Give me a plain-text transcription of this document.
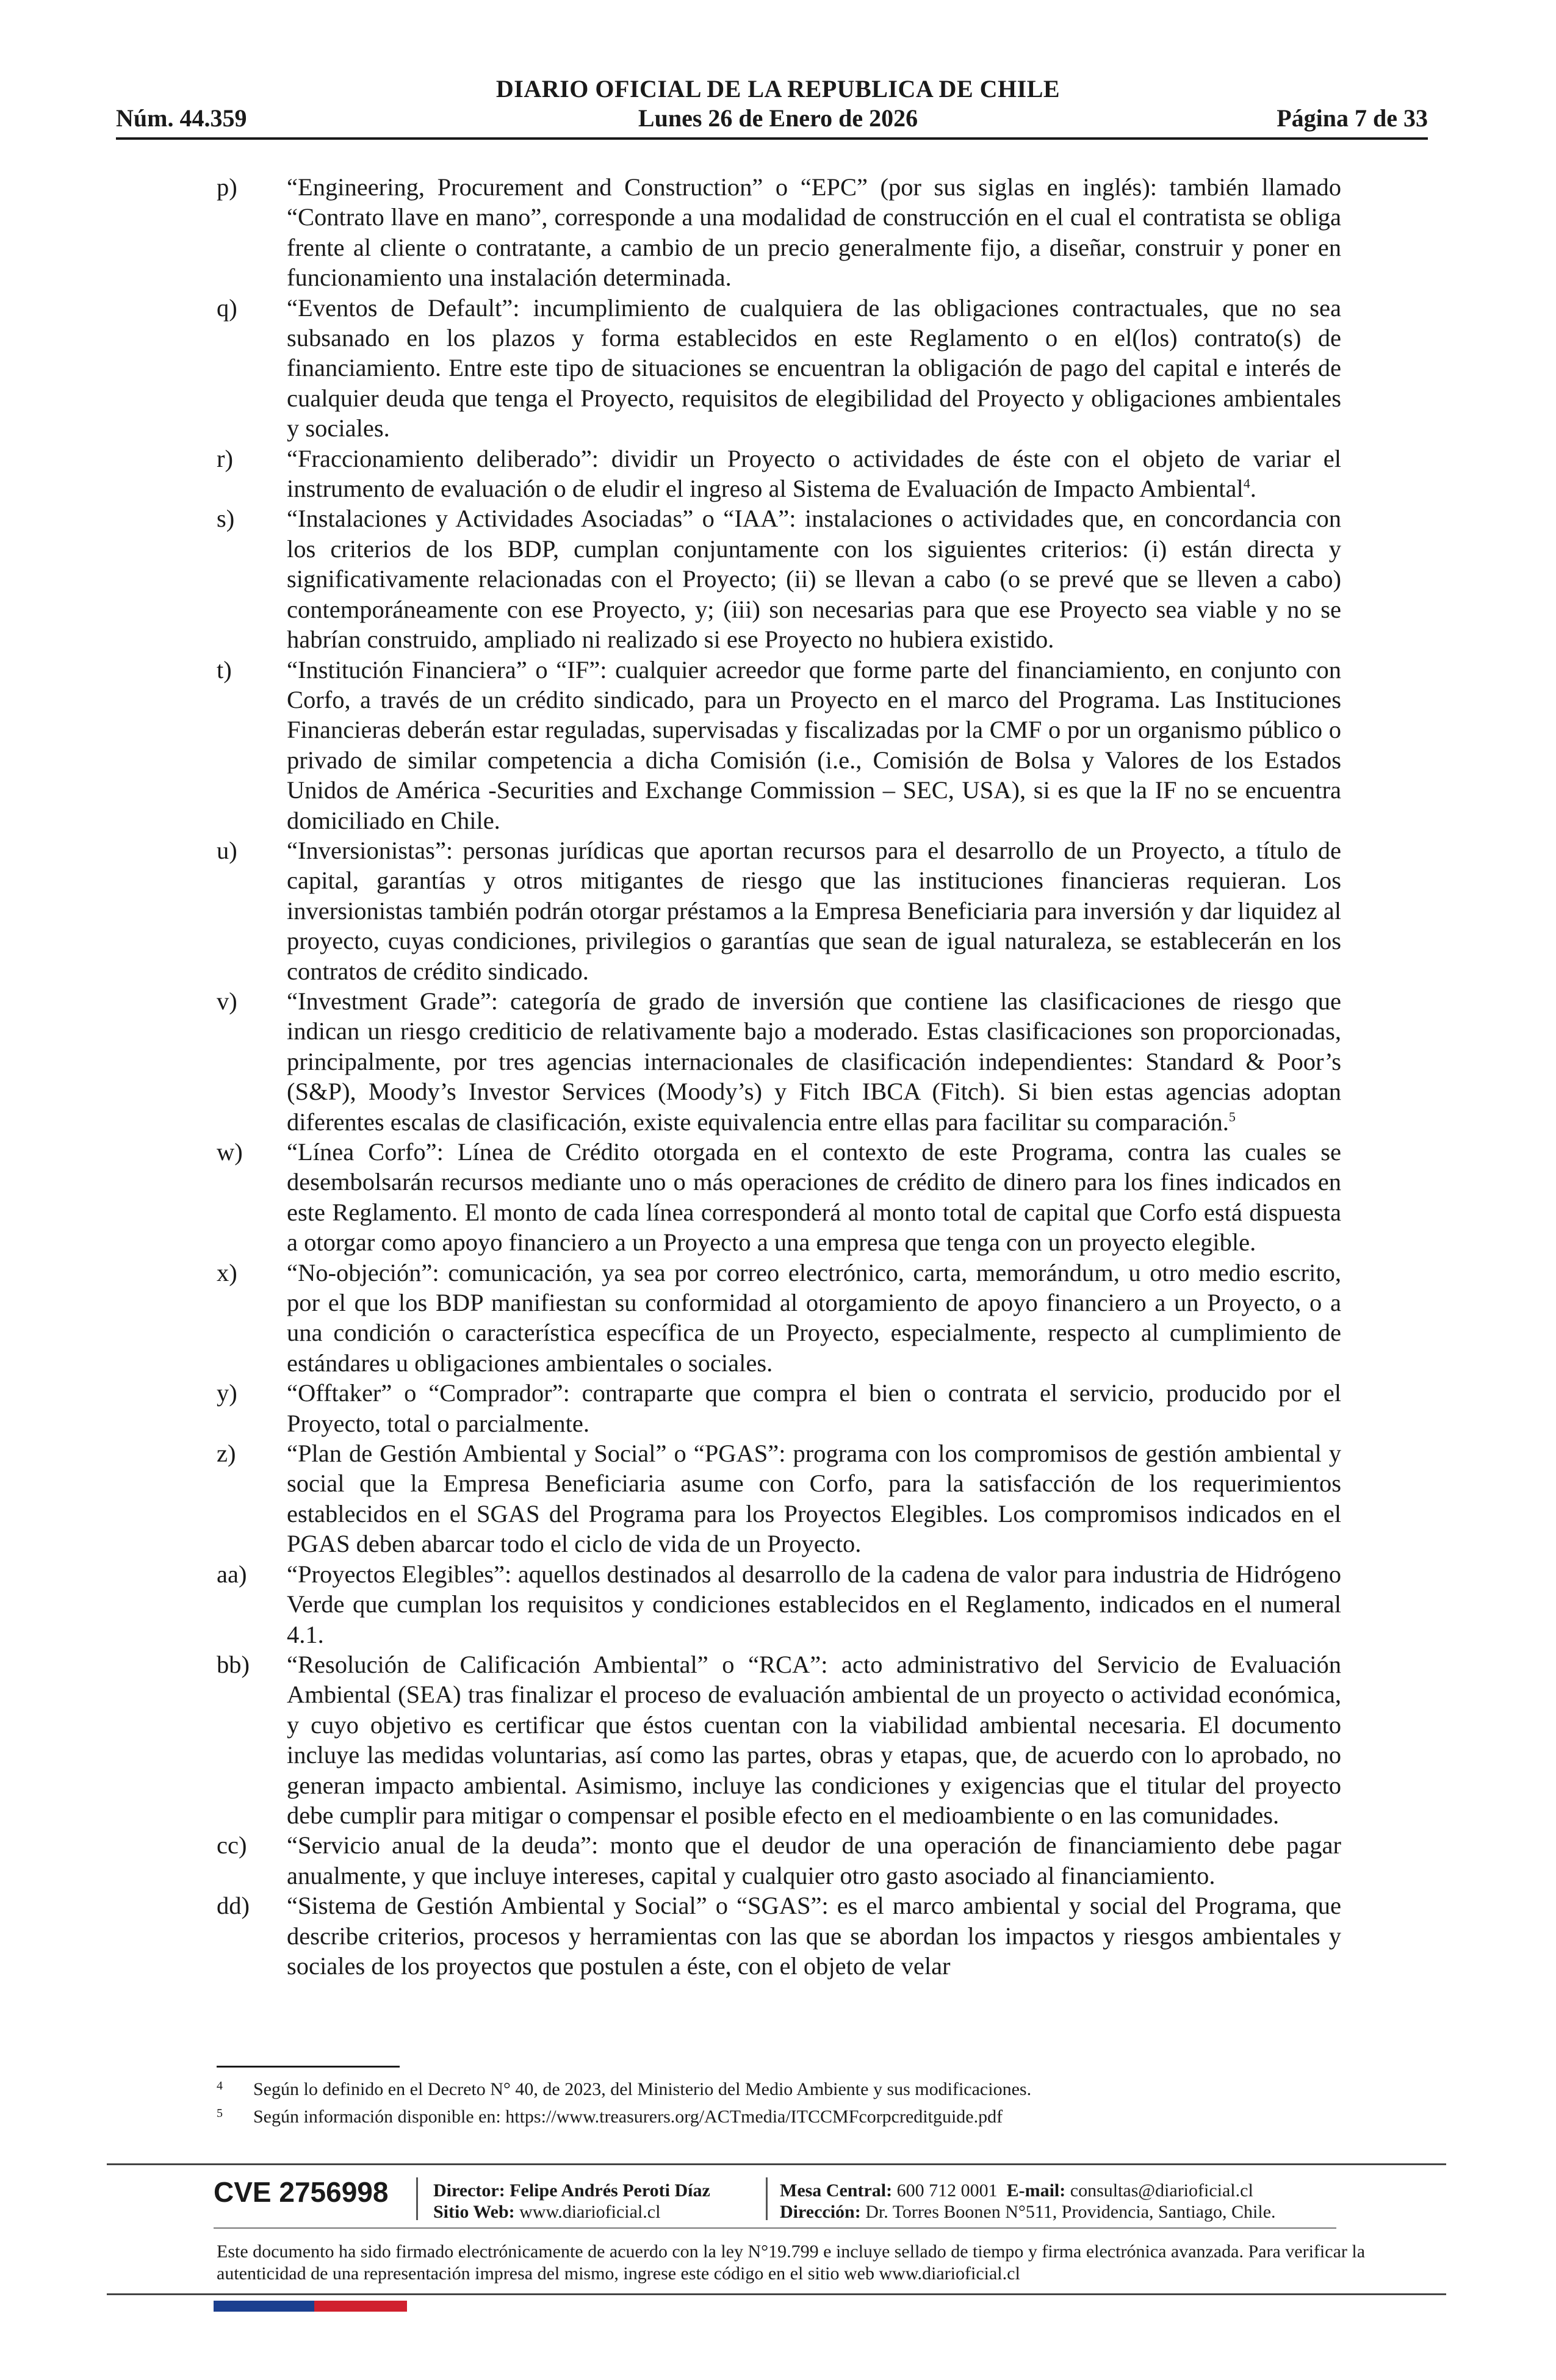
DIARIO OFICIAL DE LA REPUBLICA DE CHILE
Núm. 44.359	Lunes 26 de Enero de 2026	Página 7 de 33
p) “Engineering, Procurement and Construction” o “EPC” (por sus siglas en inglés): también llamado “Contrato llave en mano”, corresponde a una modalidad de construcción en el cual el contratista se obliga frente al cliente o contratante, a cambio de un precio generalmente fijo, a diseñar, construir y poner en funcionamiento una instalación determinada.
q) “Eventos de Default”: incumplimiento de cualquiera de las obligaciones contractuales, que no sea subsanado en los plazos y forma establecidos en este Reglamento o en el(los) contrato(s) de financiamiento. Entre este tipo de situaciones se encuentran la obligación de pago del capital e interés de cualquier deuda que tenga el Proyecto, requisitos de elegibilidad del Proyecto y obligaciones ambientales y sociales.
r) “Fraccionamiento deliberado”: dividir un Proyecto o actividades de éste con el objeto de variar el instrumento de evaluación o de eludir el ingreso al Sistema de Evaluación de Impacto Ambiental$^4$.
s) “Instalaciones y Actividades Asociadas” o “IAA”: instalaciones o actividades que, en concordancia con los criterios de los BDP, cumplan conjuntamente con los siguientes criterios: (i) están directa y significativamente relacionadas con el Proyecto; (ii) se llevan a cabo (o se prevé que se lleven a cabo) contemporáneamente con ese Proyecto, y; (iii) son necesarias para que ese Proyecto sea viable y no se habrían construido, ampliado ni realizado si ese Proyecto no hubiera existido.
t) “Institución Financiera” o “IF”: cualquier acreedor que forme parte del financiamiento, en conjunto con Corfo, a través de un crédito sindicado, para un Proyecto en el marco del Programa. Las Instituciones Financieras deberán estar reguladas, supervisadas y fiscalizadas por la CMF o por un organismo público o privado de similar competencia a dicha Comisión (i.e., Comisión de Bolsa y Valores de los Estados Unidos de América -Securities and Exchange Commission – SEC, USA), si es que la IF no se encuentra domiciliado en Chile.
u) “Inversionistas”: personas jurídicas que aportan recursos para el desarrollo de un Proyecto, a título de capital, garantías y otros mitigantes de riesgo que las instituciones financieras requieran. Los inversionistas también podrán otorgar préstamos a la Empresa Beneficiaria para inversión y dar liquidez al proyecto, cuyas condiciones, privilegios o garantías que sean de igual naturaleza, se establecerán en los contratos de crédito sindicado.
v) “Investment Grade”: categoría de grado de inversión que contiene las clasificaciones de riesgo que indican un riesgo crediticio de relativamente bajo a moderado. Estas clasificaciones son proporcionadas, principalmente, por tres agencias internacionales de clasificación independientes: Standard & Poor’s (S&P), Moody’s Investor Services (Moody’s) y Fitch IBCA (Fitch). Si bien estas agencias adoptan diferentes escalas de clasificación, existe equivalencia entre ellas para facilitar su comparación.$^5$
w) “Línea Corfo”: Línea de Crédito otorgada en el contexto de este Programa, contra las cuales se desembolsarán recursos mediante uno o más operaciones de crédito de dinero para los fines indicados en este Reglamento. El monto de cada línea corresponderá al monto total de capital que Corfo está dispuesta a otorgar como apoyo financiero a un Proyecto a una empresa que tenga con un proyecto elegible.
x) “No-objeción”: comunicación, ya sea por correo electrónico, carta, memorándum, u otro medio escrito, por el que los BDP manifiestan su conformidad al otorgamiento de apoyo financiero a un Proyecto, o a una condición o característica específica de un Proyecto, especialmente, respecto al cumplimiento de estándares u obligaciones ambientales o sociales.
y) “Offtaker” o “Comprador”: contraparte que compra el bien o contrata el servicio, producido por el Proyecto, total o parcialmente.
z) “Plan de Gestión Ambiental y Social” o “PGAS”: programa con los compromisos de gestión ambiental y social que la Empresa Beneficiaria asume con Corfo, para la satisfacción de los requerimientos establecidos en el SGAS del Programa para los Proyectos Elegibles. Los compromisos indicados en el PGAS deben abarcar todo el ciclo de vida de un Proyecto.
aa) “Proyectos Elegibles”: aquellos destinados al desarrollo de la cadena de valor para industria de Hidrógeno Verde que cumplan los requisitos y condiciones establecidos en el Reglamento, indicados en el numeral 4.1.
bb) “Resolución de Calificación Ambiental” o “RCA”: acto administrativo del Servicio de Evaluación Ambiental (SEA) tras finalizar el proceso de evaluación ambiental de un proyecto o actividad económica, y cuyo objetivo es certificar que éstos cuentan con la viabilidad ambiental necesaria. El documento incluye las medidas voluntarias, así como las partes, obras y etapas, que, de acuerdo con lo aprobado, no generan impacto ambiental. Asimismo, incluye las condiciones y exigencias que el titular del proyecto debe cumplir para mitigar o compensar el posible efecto en el medioambiente o en las comunidades.
cc) “Servicio anual de la deuda”: monto que el deudor de una operación de financiamiento debe pagar anualmente, y que incluye intereses, capital y cualquier otro gasto asociado al financiamiento.
dd) “Sistema de Gestión Ambiental y Social” o “SGAS”: es el marco ambiental y social del Programa, que describe criterios, procesos y herramientas con las que se abordan los impactos y riesgos ambientales y sociales de los proyectos que postulen a éste, con el objeto de velar
4 Según lo definido en el Decreto N° 40, de 2023, del Ministerio del Medio Ambiente y sus modificaciones.
5 Según información disponible en: https://www.treasurers.org/ACTmedia/ITCCMFcorpcreditguide.pdf
CVE 2756998 Director: Felipe Andrés Peroti Díaz
Sitio Web: www.diarioficial.cl
Mesa Central: 600 712 0001 E-mail: consultas@diarioficial.cl
Dirección: Dr. Torres Boonen N°511, Providencia, Santiago, Chile.
Este documento ha sido firmado electrónicamente de acuerdo con la ley N°19.799 e incluye sellado de tiempo y firma electrónica avanzada. Para verificar la autenticidad de una representación impresa del mismo, ingrese este código en el sitio web www.diarioficial.cl
